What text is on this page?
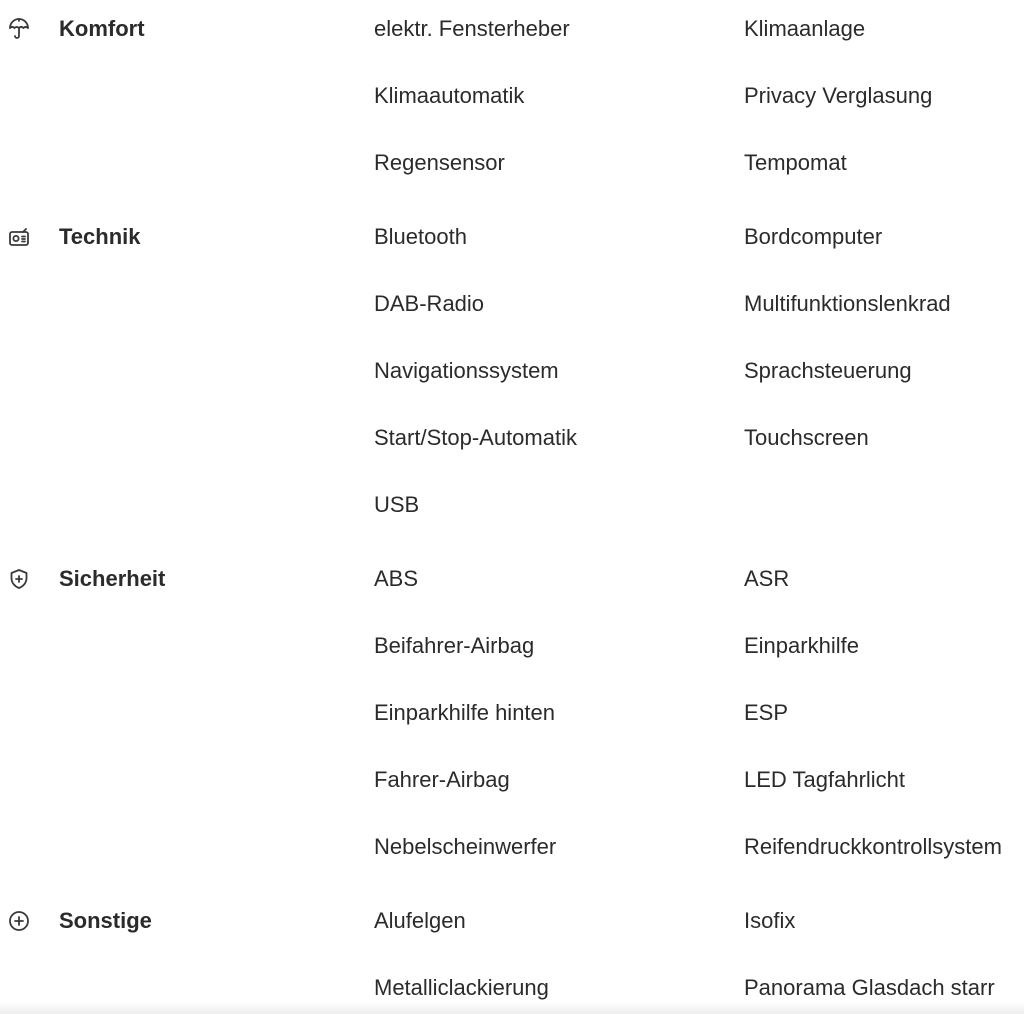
Komfort	elektr. Fensterheber	Klimaanlage
Klimaautomatik	Privacy Verglasung
Regensensor	Tempomat
Technik	Bluetooth	Bordcomputer
DAB-Radio	Multifunktionslenkrad
Navigationssystem	Sprachsteuerung
Start/Stop-Automatik	Touchscreen
USB
Sicherheit	ABS	ASR
Beifahrer-Airbag	Einparkhilfe
Einparkhilfe hinten	ESP
Fahrer-Airbag	LED Tagfahrlicht
Nebelscheinwerfer	Reifendruckkontrollsystem
Sonstige	Alufelgen	Isofix
Metalliclackierung	Panorama Glasdach starr
